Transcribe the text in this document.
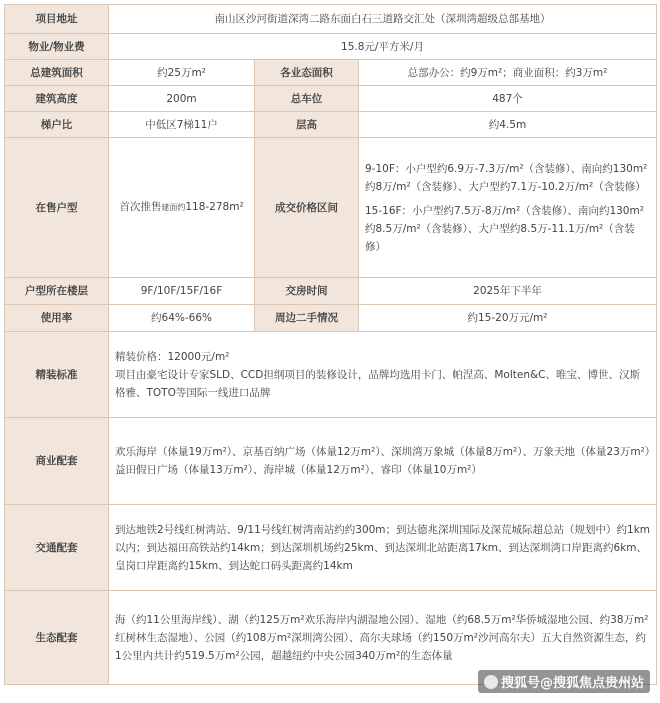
项目地址	南山区沙河街道深湾二路东面白石三道路交汇处（深圳湾超级总部基地）		
物业/物业费	15.8元/平方米/月		
总建筑面积	约25万m²	各业态面积	总部办公：约9万m²；商业面积：约3万m²
建筑高度	200m	总车位	487个
梯户比	中低区7梯11户	层高	约4.5m
在售户型	首次推售建面约118-278m²	成交价格区间	9-10F：小户型约6.9万-7.3万/m²（含装修）、南向约130m²约8万/m²（含装修）、大户型约7.1万-10.2万/m²（含装修）
15-16F：小户型约7.5万-8万/m²（含装修）、南向约130m²约8.5万/m²（含装修）、大户型约8.5万-11.1万/m²（含装修）

户型所在楼层	9F/10F/15F/16F	交房时间	2025年下半年
使用率	约64%-66%	周边二手情况	约15-20万元/m²
精装标准	精装价格：12000元/m²
项目由豪宅设计专家SLD、CCD担纲项目的装修设计，品牌均选用卡门、帕涅高、Molten&C、唯宝、博世、汉斯格雅、TOTO等国际一线进口品牌		

商业配套	欢乐海岸（体量19万m²）、京基百纳广场（体量12万m²）、深圳湾万象城（体量8万m²）、万象天地（体量23万m²）益田假日广场（体量13万m²）、海岸城（体量12万m²）、睿印（体量10万m²）		
交通配套	到达地铁2号线红树湾站、9/11号线红树湾南站约约300m；到达德兆深圳国际及深荒城际超总站（规划中）约1km以内；到达福田高铁站约14km；到达深圳机场约25km、到达深圳北站距离17km、到达深圳湾口岸距离约6km、皇岗口岸距离约15km、到达蛇口码头距离约14km		
生态配套	海（约11公里海岸线）、湖（约125万m²欢乐海岸内湖湿地公园）、湿地（约68.5万m²华侨城湿地公园、约38万m²红树林生态湿地）、公园（约108万m²深圳湾公园）、高尔夫球场（约150万m²沙河高尔夫）五大自然资源生态，约1公里内共计约519.5万m²公园，超越纽约中央公园340万m²的生态体量		
搜狐号@搜狐焦点贵州站
